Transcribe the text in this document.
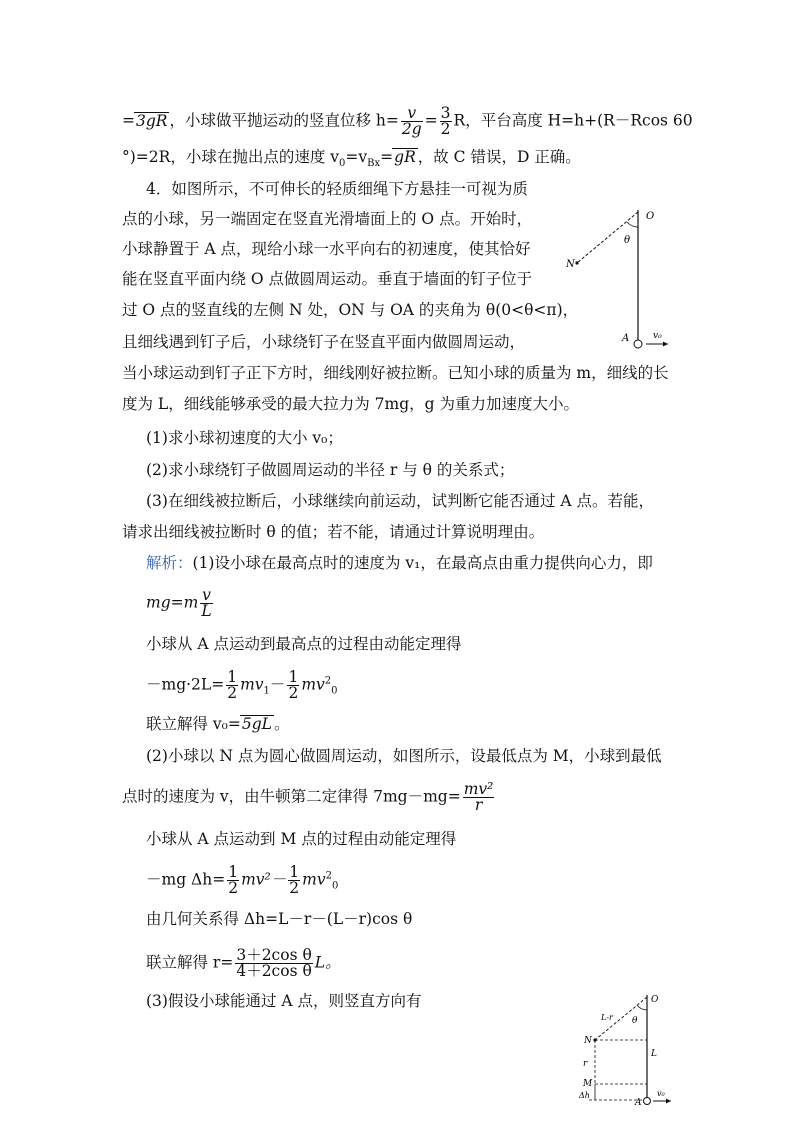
=3gR ，小球做平抛运动的竖直位移 $h= \frac{v}{2g} = \frac{3}{2}$ R，平台高度 H=h+(R－Rcos 60
°)=2R，小球在抛出点的速度 $v_0=v_{Bx}=gR$ ，故 C 错误，D 正确。
4．如图所示，不可伸长的轻质细绳下方悬挂一可视为质
点的小球，另一端固定在竖直光滑墙面上的 O 点。开始时，
小球静置于 A 点，现给小球一水平向右的初速度，使其恰好
能在竖直平面内绕 O 点做圆周运动。垂直于墙面的钉子位于
过 O 点的竖直线的左侧 N 处，ON 与 OA 的夹角为 θ(0<θ<π)，
且细线遇到钉子后，小球绕钉子在竖直平面内做圆周运动，
当小球运动到钉子正下方时，细线刚好被拉断。已知小球的质量为 m，细线的长
度为 L，细线能够承受的最大拉力为 7mg，g 为重力加速度大小。
O
θ
N
A	v₀
(1)求小球初速度的大小 v₀；
(2)求小球绕钉子做圆周运动的半径 r 与 θ 的关系式；
(3)在细线被拉断后，小球继续向前运动，试判断它能否通过 A 点。若能，
请求出细线被拉断时 θ 的值；若不能，请通过计算说明理由。
解析：(1)设小球在最高点时的速度为 v₁，在最高点由重力提供向心力，即
$mg=m \frac{v}{L}$
小球从 A 点运动到最高点的过程由动能定理得
$-mg\cdot 2L= \frac{1}{2} mv_1- \frac{1}{2} mv^2_0$
联立解得 v₀=5gL 。
(2)小球以 N 点为圆心做圆周运动，如图所示，设最低点为 M，小球到最低
点时的速度为 v，由牛顿第二定律得 $7mg-mg= \frac{\text{mv²}}{r}$
小球从 A 点运动到 M 点的过程由动能定理得
－mg $\Delta h= \frac{1}{2} mv^2- \frac{1}{2} mv^2_0$
由几何关系得 Δh=L－r－(L－r)cos θ
联立解得 $r= \frac{\text{3＋2cos θ}}{\text{4＋2cos θ}}$ L。
(3)假设小球能通过 A 点，则竖直方向有	O
L-r θ
N
r
L
M
Δh
A
v₀
